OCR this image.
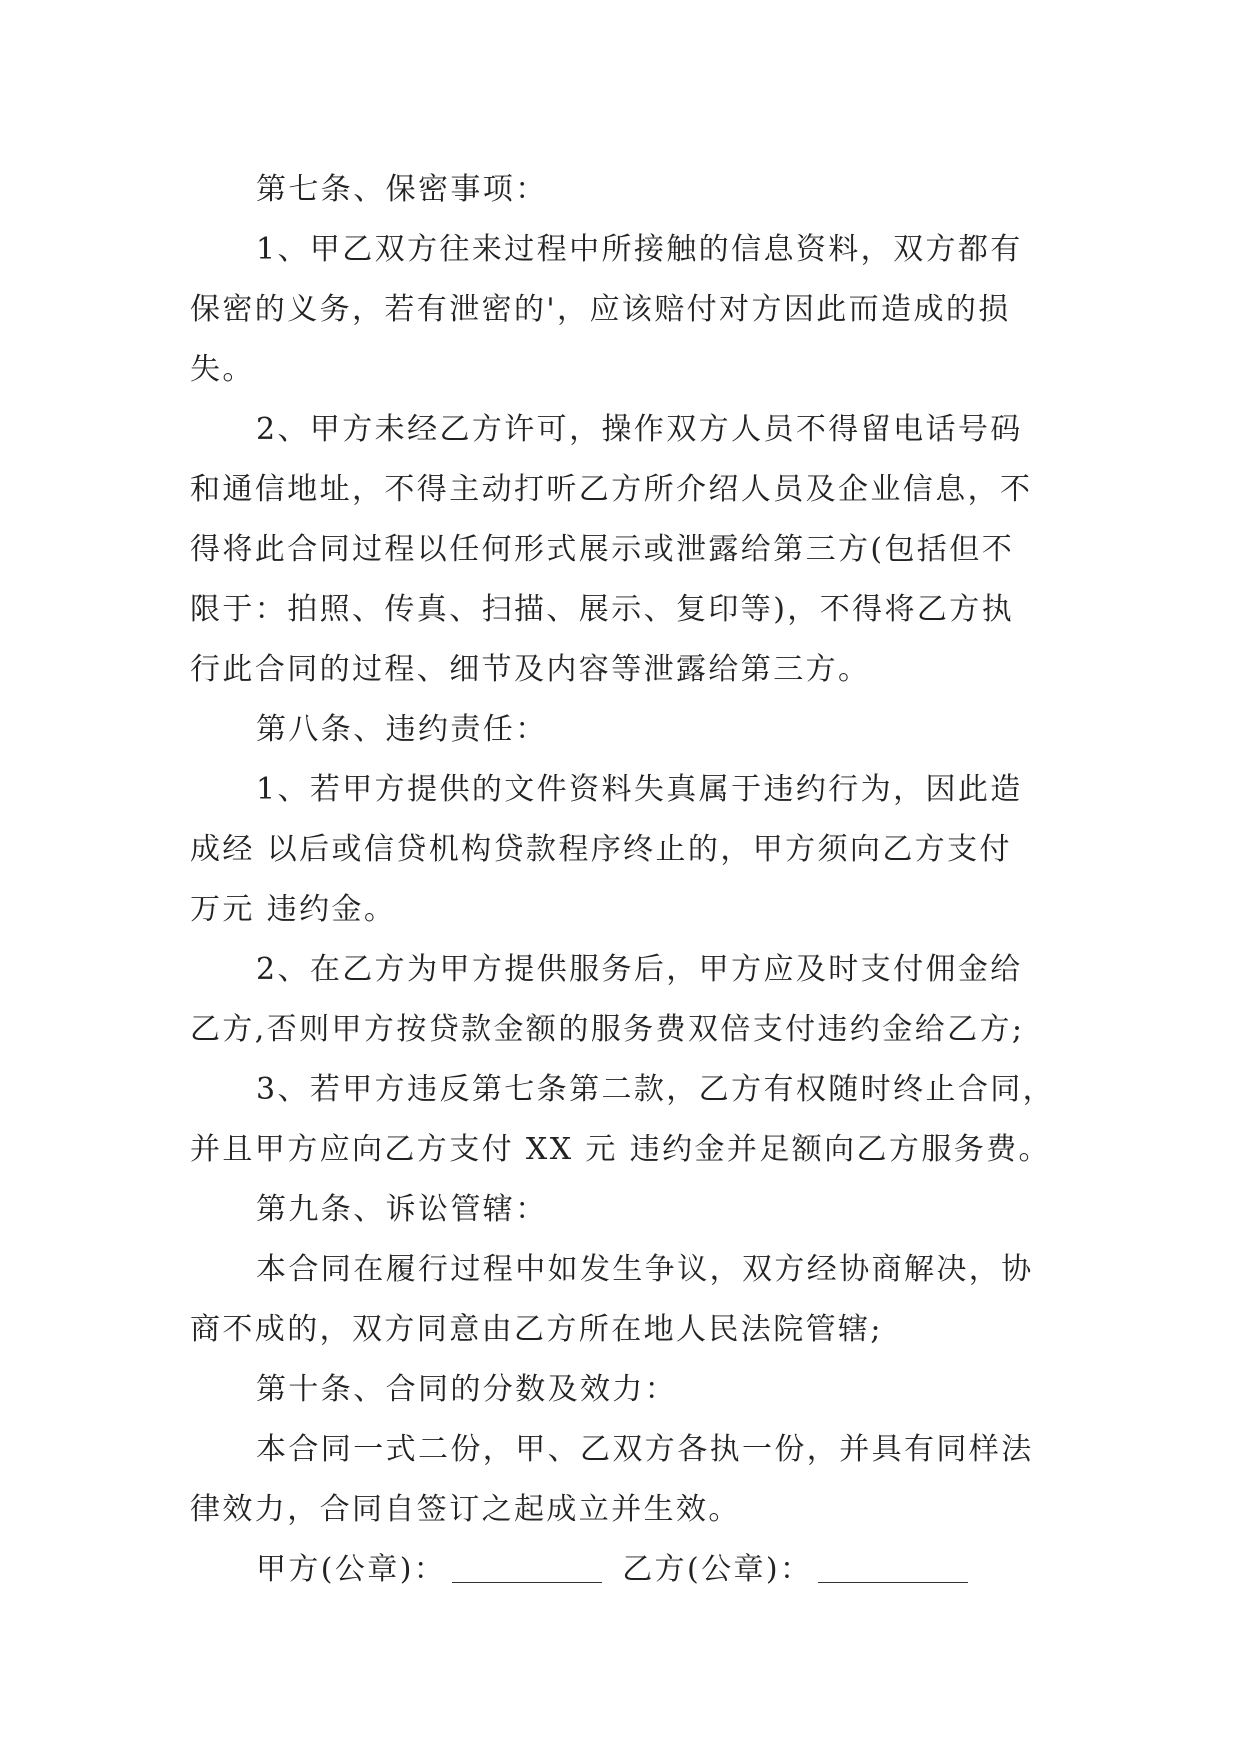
第七条、保密事项：
1、甲乙双方往来过程中所接触的信息资料，双方都有
保密的义务，若有泄密的'，应该赔付对方因此而造成的损
失。
2、甲方未经乙方许可，操作双方人员不得留电话号码
和通信地址，不得主动打听乙方所介绍人员及企业信息，不
得将此合同过程以任何形式展示或泄露给第三方(包括但不
限于：拍照、传真、扫描、展示、复印等)，不得将乙方执
行此合同的过程、细节及内容等泄露给第三方。
第八条、违约责任：
1、若甲方提供的文件资料失真属于违约行为，因此造
成经 以后或信贷机构贷款程序终止的，甲方须向乙方支付
万元 违约金。
2、在乙方为甲方提供服务后，甲方应及时支付佣金给
乙方,否则甲方按贷款金额的服务费双倍支付违约金给乙方;
3、若甲方违反第七条第二款，乙方有权随时终止合同，
并且甲方应向乙方支付 XX 元 违约金并足额向乙方服务费。
第九条、诉讼管辖：
本合同在履行过程中如发生争议，双方经协商解决，协
商不成的，双方同意由乙方所在地人民法院管辖;
第十条、合同的分数及效力：
本合同一式二份，甲、乙双方各执一份，并具有同样法
律效力，合同自签订之起成立并生效。
甲方(公章)：	乙方(公章)：
